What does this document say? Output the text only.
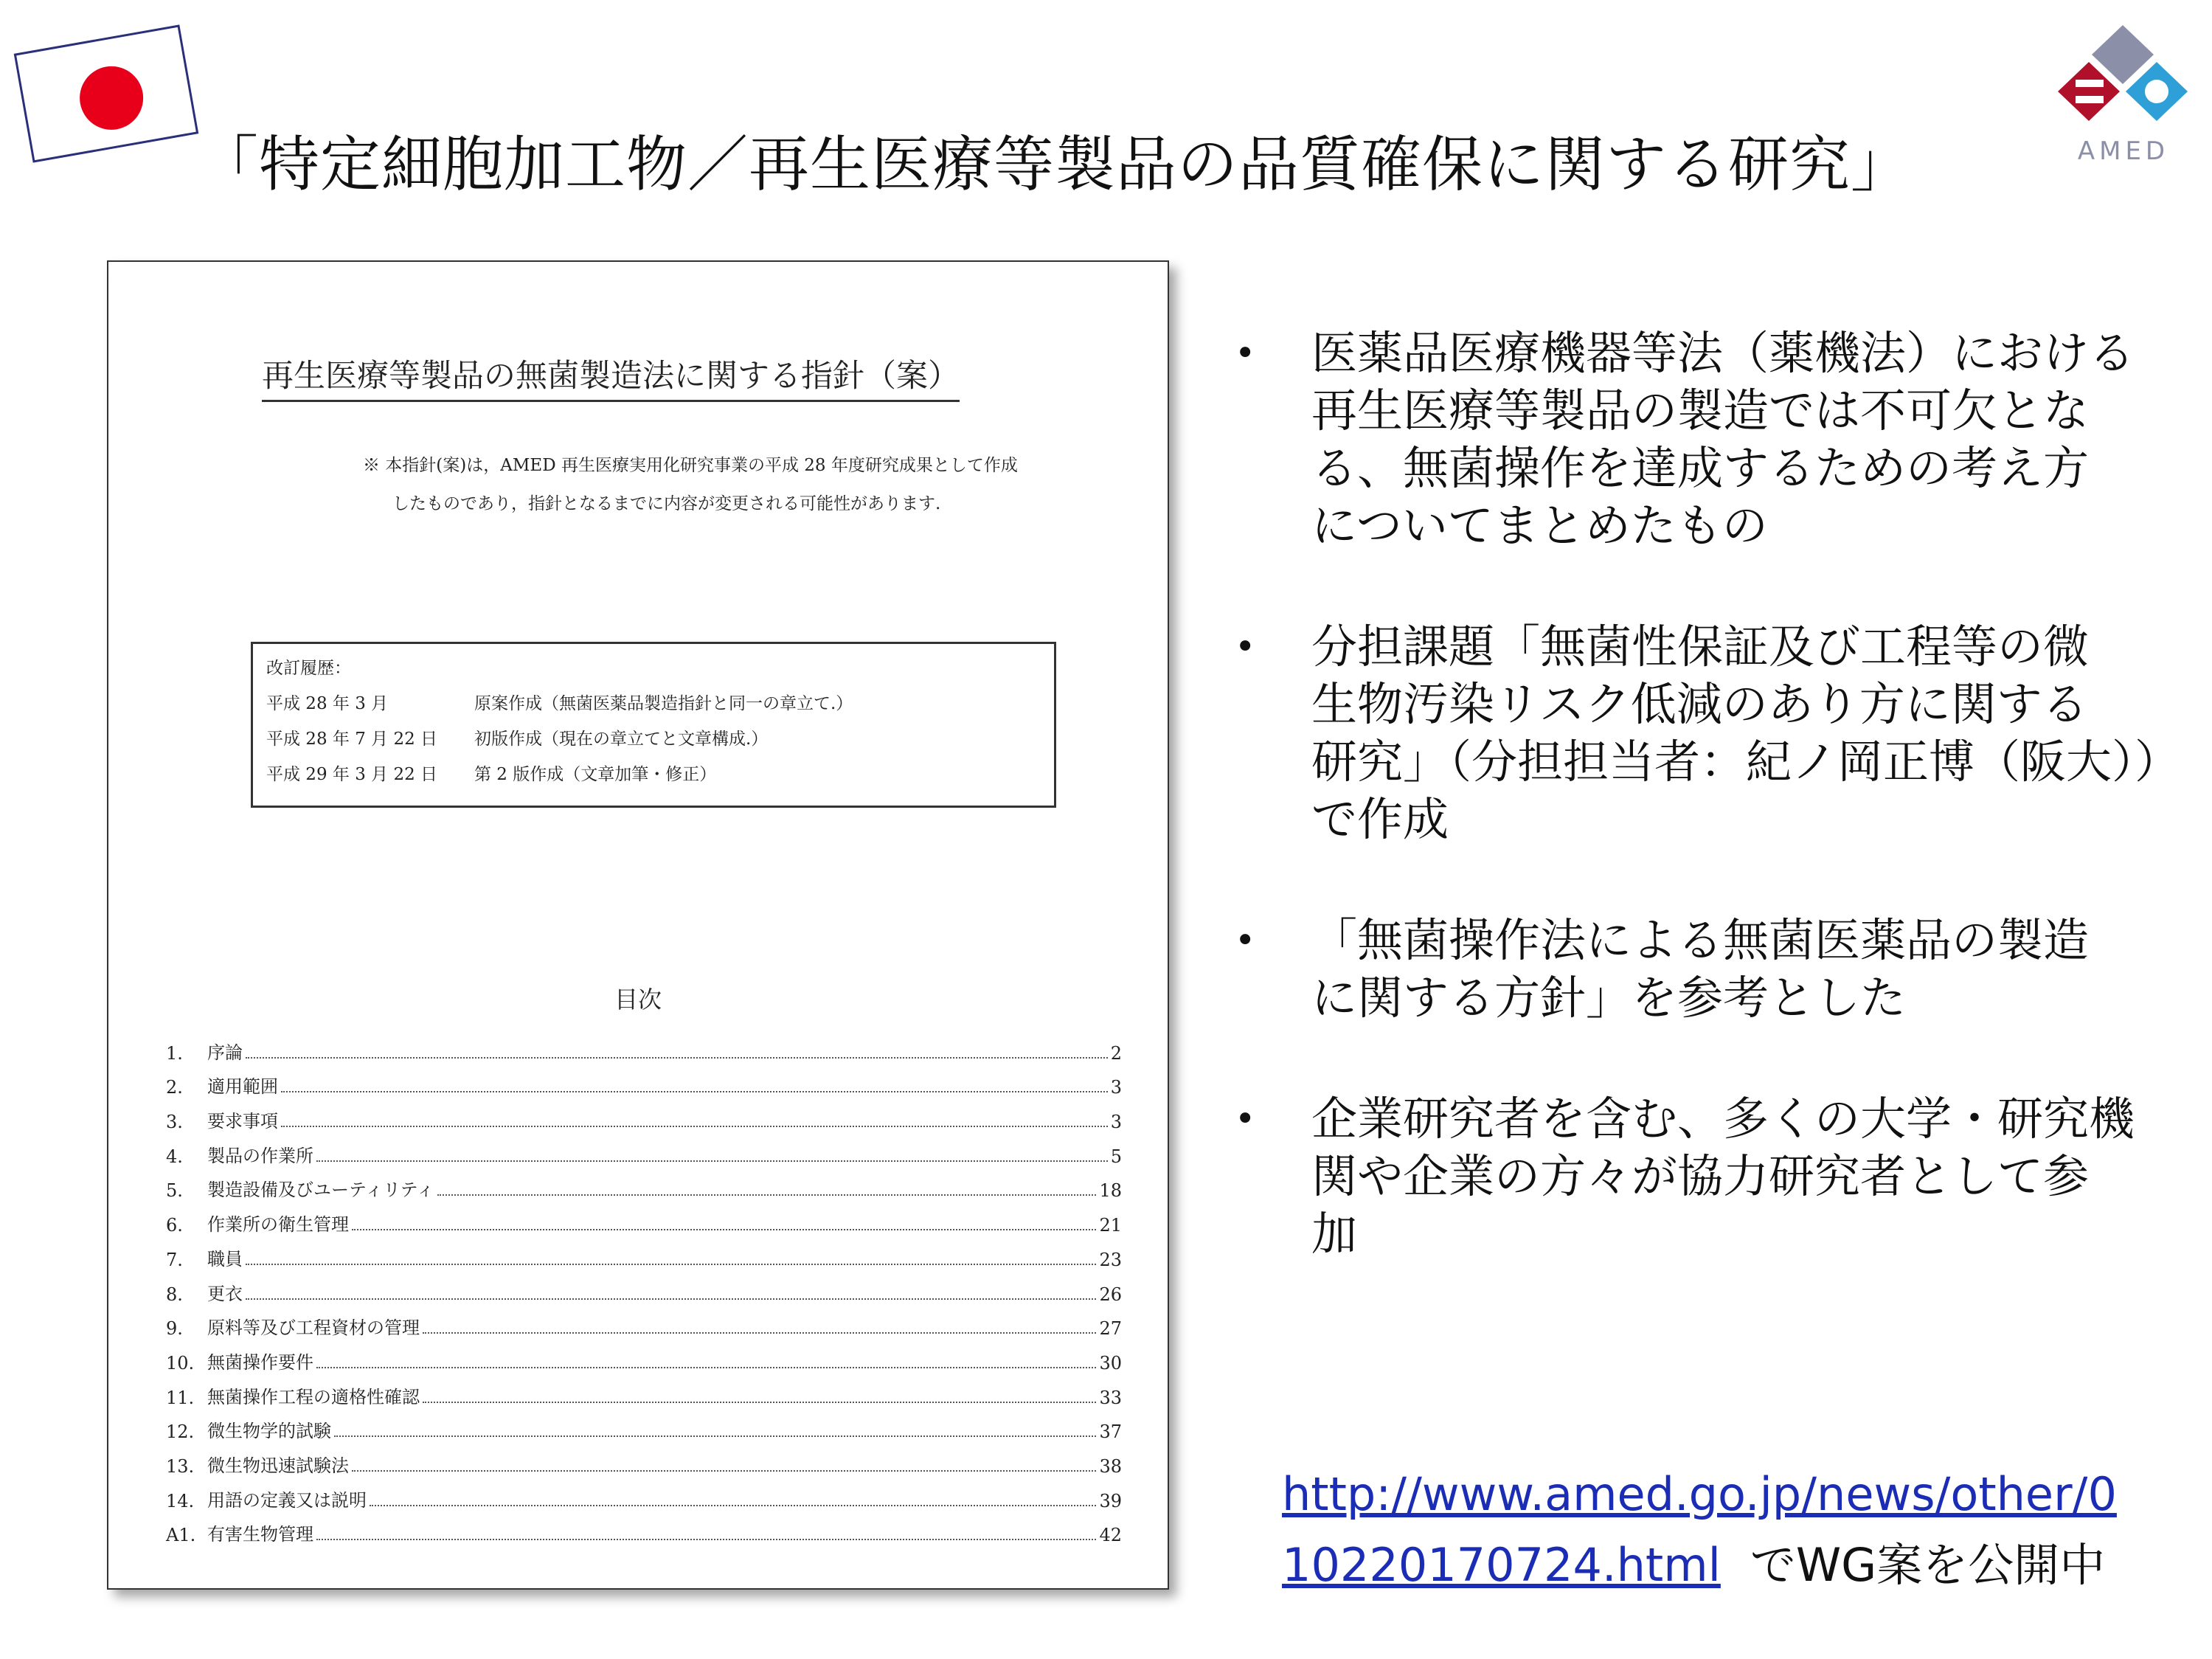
「特定細胞加工物／再生医療等製品の品質確保に関する研究」	AMED
再生医療等製品の無菌製造法に関する指針（案）
※ 本指針(案)は，AMED 再生医療実用化研究事業の平成 28 年度研究成果として作成
したものであり，指針となるまでに内容が変更される可能性があります.
改訂履歴：
平成 28 年 3 月	原案作成（無菌医薬品製造指針と同一の章立て.）
平成 28 年 7 月 22 日 初版作成（現在の章立てと文章構成.）
平成 29 年 3 月 22 日 第 2 版作成（文章加筆・修正）
目次
1.	序論	2
2.	適用範囲	3
3.	要求事項	3
4.	製品の作業所	5
5.	製造設備及びユーティリティ	18
6.	作業所の衛生管理	21
7.	職員	23
8.	更衣	26
9.	原料等及び工程資材の管理	27
10. 無菌操作要件	30
11. 無菌操作工程の適格性確認	33
12. 微生物学的試験	37
13. 微生物迅速試験法	38
14. 用語の定義又は説明	39
A1. 有害生物管理	42
• 医薬品医療機器等法（薬機法）における
再生医療等製品の製造では不可欠とな
る、無菌操作を達成するための考え方
についてまとめたもの
• 分担課題「無菌性保証及び工程等の微
生物汚染リスク低減のあり方に関する
研究」（分担担当者：紀ノ岡正博（阪大））
で作成
• 「無菌操作法による無菌医薬品の製造
に関する方針」を参考とした
• 企業研究者を含む、多くの大学・研究機
関や企業の方々が協力研究者として参
加
http://www.amed.go.jp/news/other/0
10220170724.html でWG案を公開中
